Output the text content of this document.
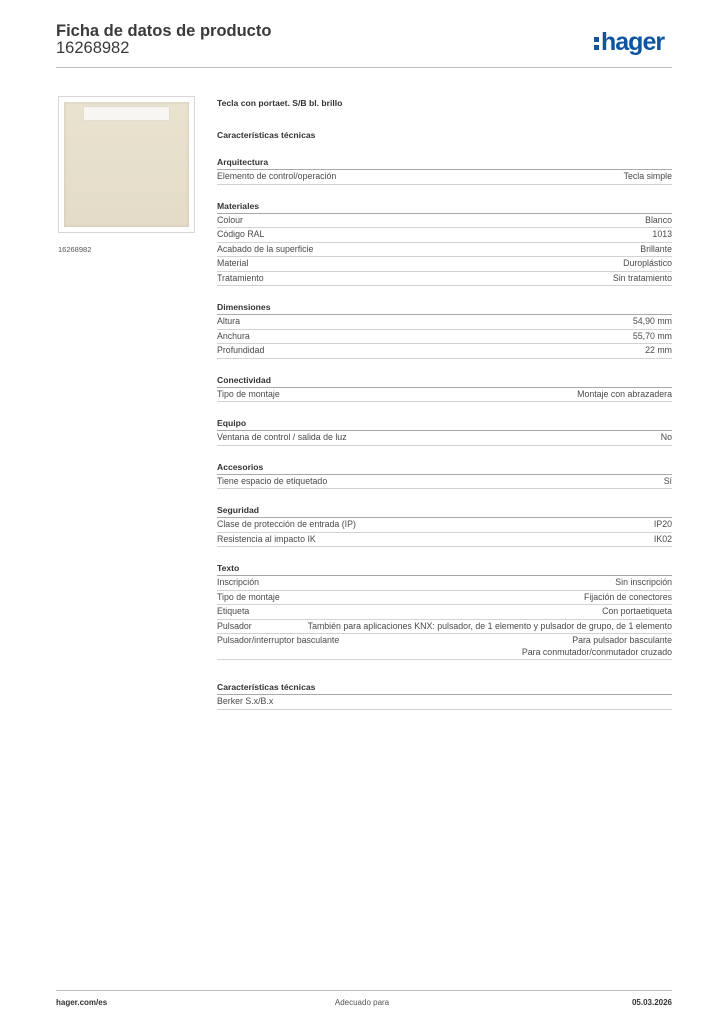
Ficha de datos de producto
16268982	hager
16268982
Tecla con portaet. S/B bl. brillo
Características técnicas
Arquitectura
Elemento de control/operación	Tecla simple
Materiales
Colour	Blanco
Código RAL	1013
Acabado de la superficie	Brillante
Material	Duroplástico
Tratamiento	Sin tratamiento
Dimensiones
Altura	54,90 mm
Anchura	55,70 mm
Profundidad	22 mm
Conectividad
Tipo de montaje	Montaje con abrazadera
Equipo
Ventana de control / salida de luz	No
Accesorios
Tiene espacio de etiquetado	Sí
Seguridad
Clase de protección de entrada (IP)	IP20
Resistencia al impacto IK	IK02
Texto
Inscripción	Sin inscripción
Tipo de montaje	Fijación de conectores
Etiqueta	Con portaetiqueta
Pulsador	También para aplicaciones KNX: pulsador, de 1 elemento y pulsador de grupo, de 1 elemento
Pulsador/interruptor basculante	Para pulsador basculante
Para conmutador/conmutador cruzado
Características técnicas
Berker S.x/B.x
hager.com/es	Adecuado para	05.03.2026
